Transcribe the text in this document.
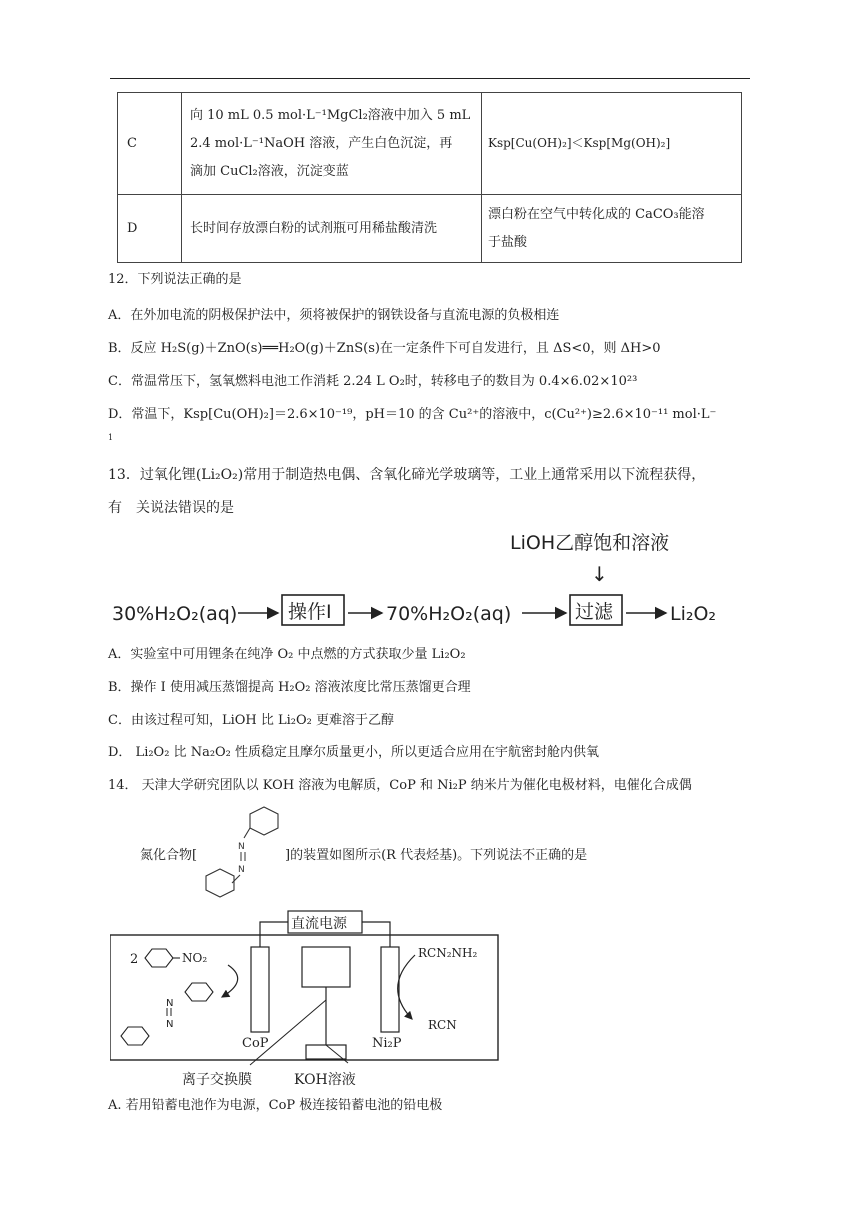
C	向 10 mL 0.5 mol·L⁻¹MgCl₂溶液中加入 5 mL
2.4 mol·L⁻¹NaOH 溶液，产生白色沉淀，再
滴加 CuCl₂溶液，沉淀变蓝	Ksp[Cu(OH)₂]＜Ksp[Mg(OH)₂]
D	长时间存放漂白粉的试剂瓶可用稀盐酸清洗	漂白粉在空气中转化成的 CaCO₃能溶
于盐酸
12．下列说法正确的是
A．在外加电流的阴极保护法中，须将被保护的钢铁设备与直流电源的负极相连
B．反应 H₂S(g)＋ZnO(s)══H₂O(g)＋ZnS(s)在一定条件下可自发进行，且 ΔS<0，则 ΔH>0
C．常温常压下，氢氧燃料电池工作消耗 2.24 L O₂时，转移电子的数目为 0.4×6.02×10²³
D．常温下，Ksp[Cu(OH)₂]＝2.6×10⁻¹⁹，pH＝10 的含 Cu²⁺的溶液中，c(Cu²⁺)≥2.6×10⁻¹¹ mol·L⁻
1
13．过氧化锂(Li₂O₂)常用于制造热电偶、含氧化碲光学玻璃等，工业上通常采用以下流程获得，
有　关说法错误的是
LiOH乙醇饱和溶液
↓
30%H₂O₂(aq)	操作Ⅰ	70%H₂O₂(aq)	过滤	Li₂O₂
A．实验室中可用锂条在纯净 O₂ 中点燃的方式获取少量 Li₂O₂
B．操作 I 使用减压蒸馏提高 H₂O₂ 溶液浓度比常压蒸馏更合理
C．由该过程可知，LiOH 比 Li₂O₂ 更难溶于乙醇
D． Li₂O₂ 比 Na₂O₂ 性质稳定且摩尔质量更小，所以更适合应用在宇航密封舱内供氧
14． 天津大学研究团队以 KOH 溶液为电解质，CoP 和 Ni₂P 纳米片为催化电极材料，电催化合成偶
氮化合物[	]的装置如图所示(R 代表烃基)。下列说法不正确的是
N
N
直流电源
2	NO₂
N
N
CoP	Ni₂P
RCN₂NH₂
RCN
离子交换膜	KOH溶液
A. 若用铅蓄电池作为电源，CoP 极连接铅蓄电池的铅电极
